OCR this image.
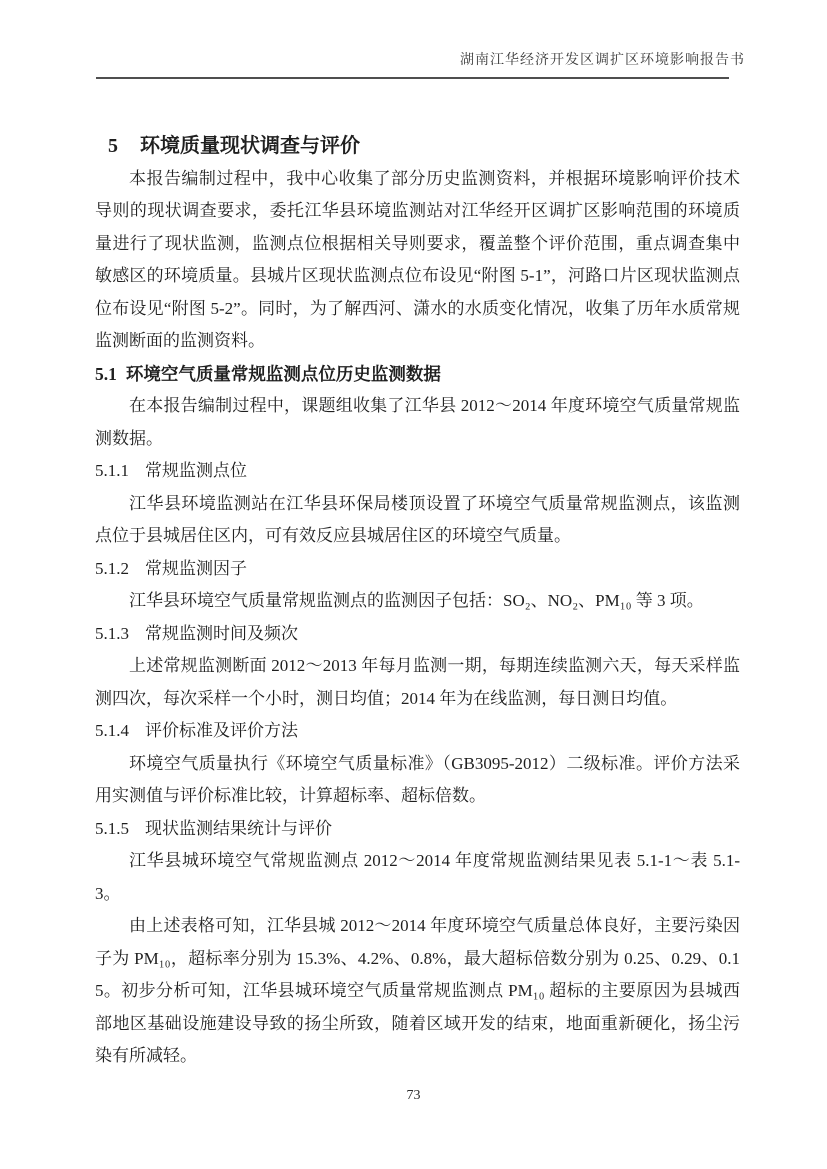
湖南江华经济开发区调扩区环境影响报告书
5 环境质量现状调查与评价

本报告编制过程中，我中心收集了部分历史监测资料，并根据环境影响评价技术导则的现状调查要求，委托江华县环境监测站对江华经开区调扩区影响范围的环境质量进行了现状监测，监测点位根据相关导则要求，覆盖整个评价范围，重点调查集中敏感区的环境质量。县城片区现状监测点位布设见“附图 5-1”，河路口片区现状监测点位布设见“附图 5-2”。同时，为了解西河、潇水的水质变化情况，收集了历年水质常规监测断面的监测资料。

5.1 环境空气质量常规监测点位历史监测数据

在本报告编制过程中，课题组收集了江华县 2012～2014 年度环境空气质量常规监测数据。

5.1.1 常规监测点位

江华县环境监测站在江华县环保局楼顶设置了环境空气质量常规监测点，该监测点位于县城居住区内，可有效反应县城居住区的环境空气质量。

5.1.2 常规监测因子

江华县环境空气质量常规监测点的监测因子包括：SO₂、NO₂、PM₁₀ 等 3 项。

5.1.3 常规监测时间及频次

上述常规监测断面 2012～2013 年每月监测一期，每期连续监测六天，每天采样监测四次，每次采样一个小时，测日均值；2014 年为在线监测，每日测日均值。

5.1.4 评价标准及评价方法

环境空气质量执行《环境空气质量标准》（GB3095-2012）二级标准。评价方法采用实测值与评价标准比较，计算超标率、超标倍数。

5.1.5 现状监测结果统计与评价

江华县城环境空气常规监测点 2012～2014 年度常规监测结果见表 5.1-1～表 5.1-3。

由上述表格可知，江华县城 2012～2014 年度环境空气质量总体良好，主要污染因子为 PM₁₀，超标率分别为 15.3%、4.2%、0.8%，最大超标倍数分别为 0.25、0.29、0.15。初步分析可知，江华县城环境空气质量常规监测点 PM₁₀ 超标的主要原因为县城西部地区基础设施建设导致的扬尘所致，随着区域开发的结束，地面重新硬化，扬尘污染有所减轻。

73
